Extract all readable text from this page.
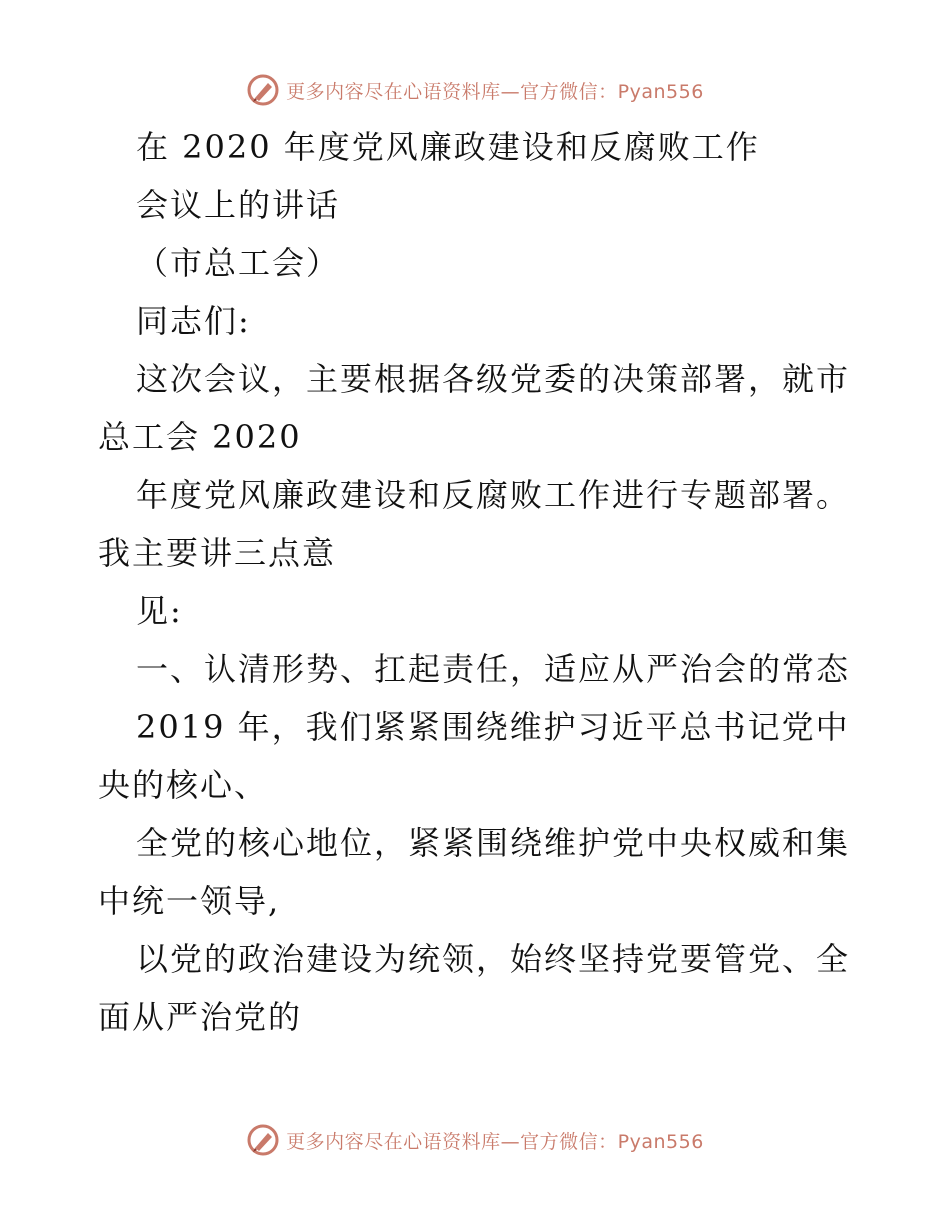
更多内容尽在心语资料库—官方微信：Pyan556
在 2020 年度党风廉政建设和反腐败工作
会议上的讲话
（市总工会）
同志们:
这次会议，主要根据各级党委的决策部署，就市
总工会 2020
年度党风廉政建设和反腐败工作进行专题部署。
我主要讲三点意
见:
一、认清形势、扛起责任，适应从严治会的常态
2019 年，我们紧紧围绕维护习近平总书记党中
央的核心、
全党的核心地位，紧紧围绕维护党中央权威和集
中统一领导,
以党的政治建设为统领，始终坚持党要管党、全
面从严治党的
更多内容尽在心语资料库—官方微信：Pyan556
